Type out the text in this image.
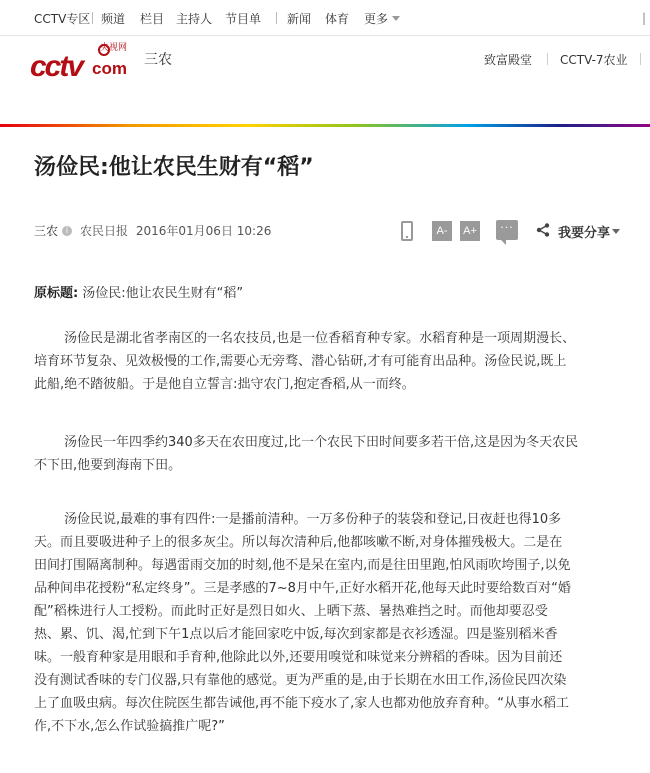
CCTV专区 频道 栏目 主持人 节目单 新闻 体育 更多	|
cctv
央视网
com 三农	致富殿堂 CCTV-7农业
汤俭民:他让农民生财有“稻”
三农 i 农民日报 2016年01月06日 10:26	A-	A+	···	我要分享
原标题: 汤俭民:他让农民生财有“稻”
汤俭民是湖北省孝南区的一名农技员,也是一位香稻育种专家。水稻育种是一项周期漫长、
培育环节复杂、见效极慢的工作,需要心无旁骛、潜心钻研,才有可能育出品种。汤俭民说,既上
此船,绝不踏彼船。于是他自立誓言:拙守农门,抱定香稻,从一而终。
汤俭民一年四季约340多天在农田度过,比一个农民下田时间要多若干倍,这是因为冬天农民
不下田,他要到海南下田。
汤俭民说,最难的事有四件:一是播前清种。一万多份种子的装袋和登记,日夜赶也得10多
天。而且要吸进种子上的很多灰尘。所以每次清种后,他都咳嗽不断,对身体摧残极大。二是在
田间打围隔离制种。每遇雷雨交加的时刻,他不是呆在室内,而是往田里跑,怕风雨吹垮围子,以免
品种间串花授粉“私定终身”。三是孝感的7~8月中午,正好水稻开花,他每天此时要给数百对“婚
配”稻株进行人工授粉。而此时正好是烈日如火、上晒下蒸、暑热难挡之时。而他却要忍受
热、累、饥、渴,忙到下午1点以后才能回家吃中饭,每次到家都是衣衫透湿。四是鉴别稻米香
味。一般育种家是用眼和手育种,他除此以外,还要用嗅觉和味觉来分辨稻的香味。因为目前还
没有测试香味的专门仪器,只有靠他的感觉。更为严重的是,由于长期在水田工作,汤俭民四次染
上了血吸虫病。每次住院医生都告诫他,再不能下疫水了,家人也都劝他放弃育种。“从事水稻工
作,不下水,怎么作试验搞推广呢?”
